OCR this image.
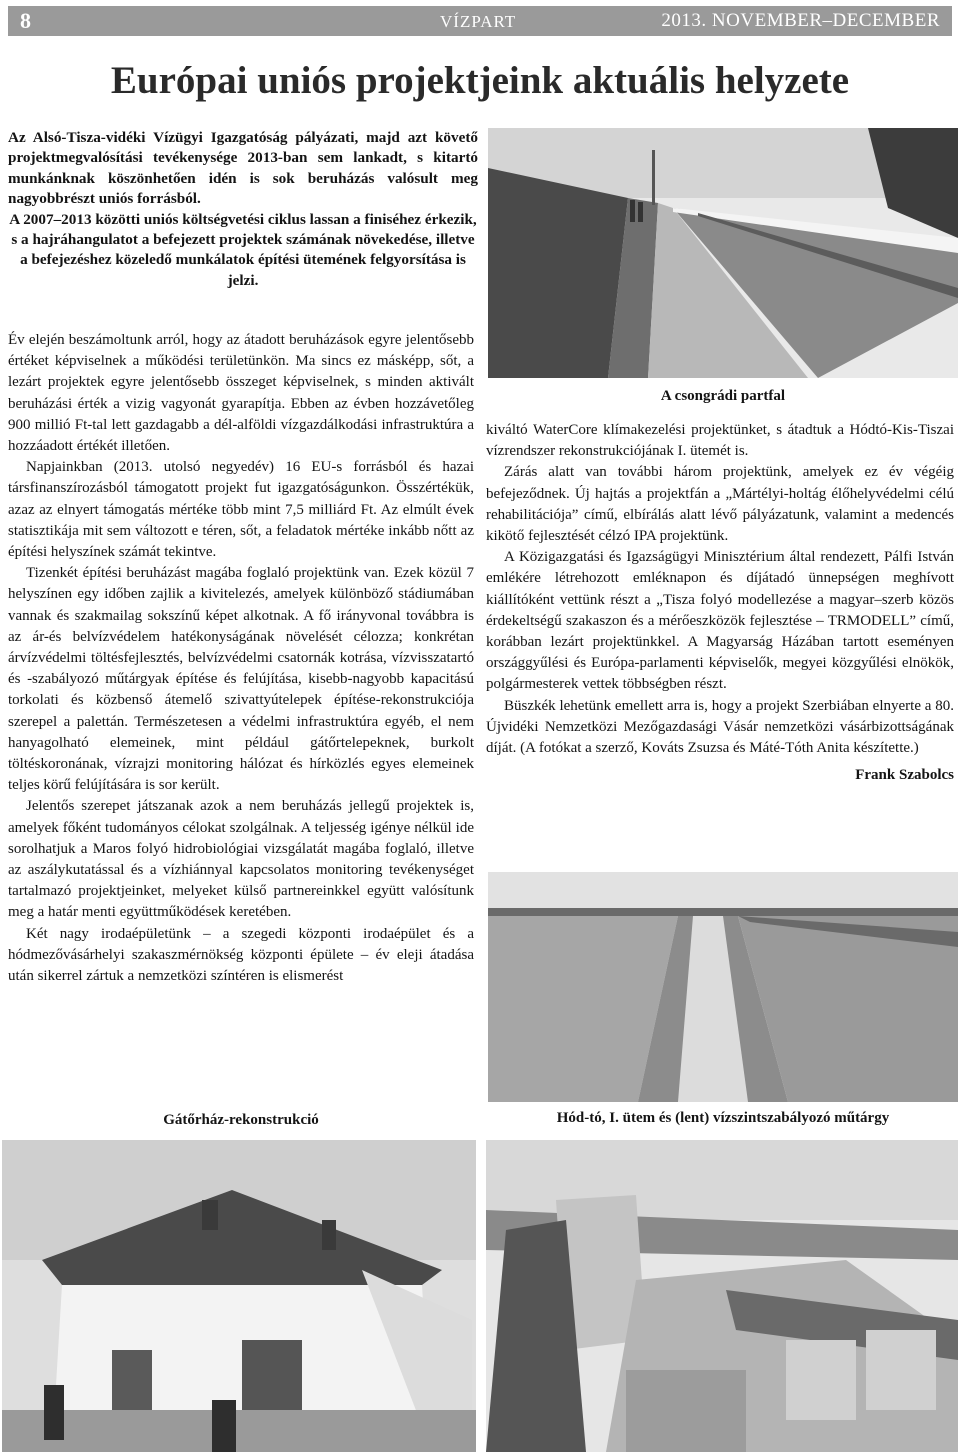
8	VÍZPART	2013. NOVEMBER–DECEMBER
Európai uniós projektjeink aktuális helyzete

Az Alsó-Tisza-vidéki Vízügyi Igazgatóság pályázati, majd azt követő projektmegvalósítási tevékenysége 2013-ban sem lankadt, s kitartó munkánknak köszönhetően idén is sok beruházás valósult meg nagyobbrészt uniós forrásból.

A 2007–2013 közötti uniós költségvetési ciklus lassan a finiséhez érkezik, s a hajráhangulatot a befejezett projektek számának növekedése, illetve a befejezéshez közeledő munkálatok építési ütemének felgyorsítása is jelzi.

Év elején beszámoltunk arról, hogy az átadott beruházások egyre jelentősebb értéket képviselnek a működési területünkön. Ma sincs ez másképp, sőt, a lezárt projektek egyre jelentősebb összeget képviselnek, s minden aktivált beruházási érték a vizig vagyonát gyarapítja. Ebben az évben hozzávetőleg 900 millió Ft-tal lett gazdagabb a dél-alföldi vízgazdálkodási infrastruktúra a hozzáadott értékét illetően.

Napjainkban (2013. utolsó negyedév) 16 EU-s forrásból és hazai társfinanszírozásból támogatott projekt fut igazgatóságunkon. Összértékük, azaz az elnyert támogatás mértéke több mint 7,5 milliárd Ft. Az elmúlt évek statisztikája mit sem változott e téren, sőt, a feladatok mértéke inkább nőtt az építési helyszínek számát tekintve.

Tizenkét építési beruházást magába foglaló projektünk van. Ezek közül 7 helyszínen egy időben zajlik a kivitelezés, amelyek különböző stádiumában vannak és szakmailag sokszínű képet alkotnak. A fő irányvonal továbbra is az ár-és belvízvédelem hatékonyságának növelését célozza; konkrétan árvízvédelmi töltésfejlesztés, belvízvédelmi csatornák kotrása, vízvisszatartó és -szabályozó műtárgyak építése és felújítása, kisebb-nagyobb kapacitású torkolati és közbenső átemelő szivattyútelepek építése-rekonstrukciója szerepel a palettán. Természetesen a védelmi infrastruktúra egyéb, el nem hanyagolható elemeinek, mint például gátőrtelepeknek, burkolt töltéskoronának, vízrajzi monitoring hálózat és hírközlés egyes elemeinek teljes körű felújítására is sor került.

Jelentős szerepet játszanak azok a nem beruházás jellegű projektek is, amelyek főként tudományos célokat szolgálnak. A teljesség igénye nélkül ide sorolhatjuk a Maros folyó hidrobiológiai vizsgálatát magába foglaló, illetve az aszálykutatással és a vízhiánnyal kapcsolatos monitoring tevékenységet tartalmazó projektjeinket, melyeket külső partnereinkkel együtt valósítunk meg a határ menti együttműködések keretében.

Két nagy irodaépületünk – a szegedi központi irodaépület és a hódmezővásárhelyi szakaszmérnökség központi épülete – év eleji átadása után sikerrel zártuk a nemzetközi színtéren is elismerést

kiváltó WaterCore klímakezelési projektünket, s átadtuk a Hódtó-Kis-Tiszai vízrendszer rekonstrukciójának I. ütemét is.

Zárás alatt van további három projektünk, amelyek ez év végéig befejeződnek. Új hajtás a projektfán a „Mártélyi-holtág élőhelyvédelmi célú rehabilitációja” című, elbírálás alatt lévő pályázatunk, valamint a medencés kikötő fejlesztését célzó IPA projektünk.

A Közigazgatási és Igazságügyi Minisztérium által rendezett, Pálfi István emlékére létrehozott emléknapon és díjátadó ünnepségen meghívott kiállítóként vettünk részt a „Tisza folyó modellezése a magyar–szerb közös érdekeltségű szakaszon és a mérőeszközök fejlesztése – TRMODELL” című, korábban lezárt projektünkkel. A Magyarság Házában tartott eseményen országgyűlési és Európa-parlamenti képviselők, megyei közgyűlési elnökök, polgármesterek vettek többségben részt.

Büszkék lehetünk emellett arra is, hogy a projekt Szerbiában elnyerte a 80. Újvidéki Nemzetközi Mezőgazdasági Vásár nemzetközi vásárbizottságának díját. (A fotókat a szerző, Kováts Zsuzsa és Máté-Tóth Anita készítette.)

Frank Szabolcs

A csongrádi partfal
Hód-tó, I. ütem és (lent) vízszintszabályozó műtárgy
Gátőrház-rekonstrukció
